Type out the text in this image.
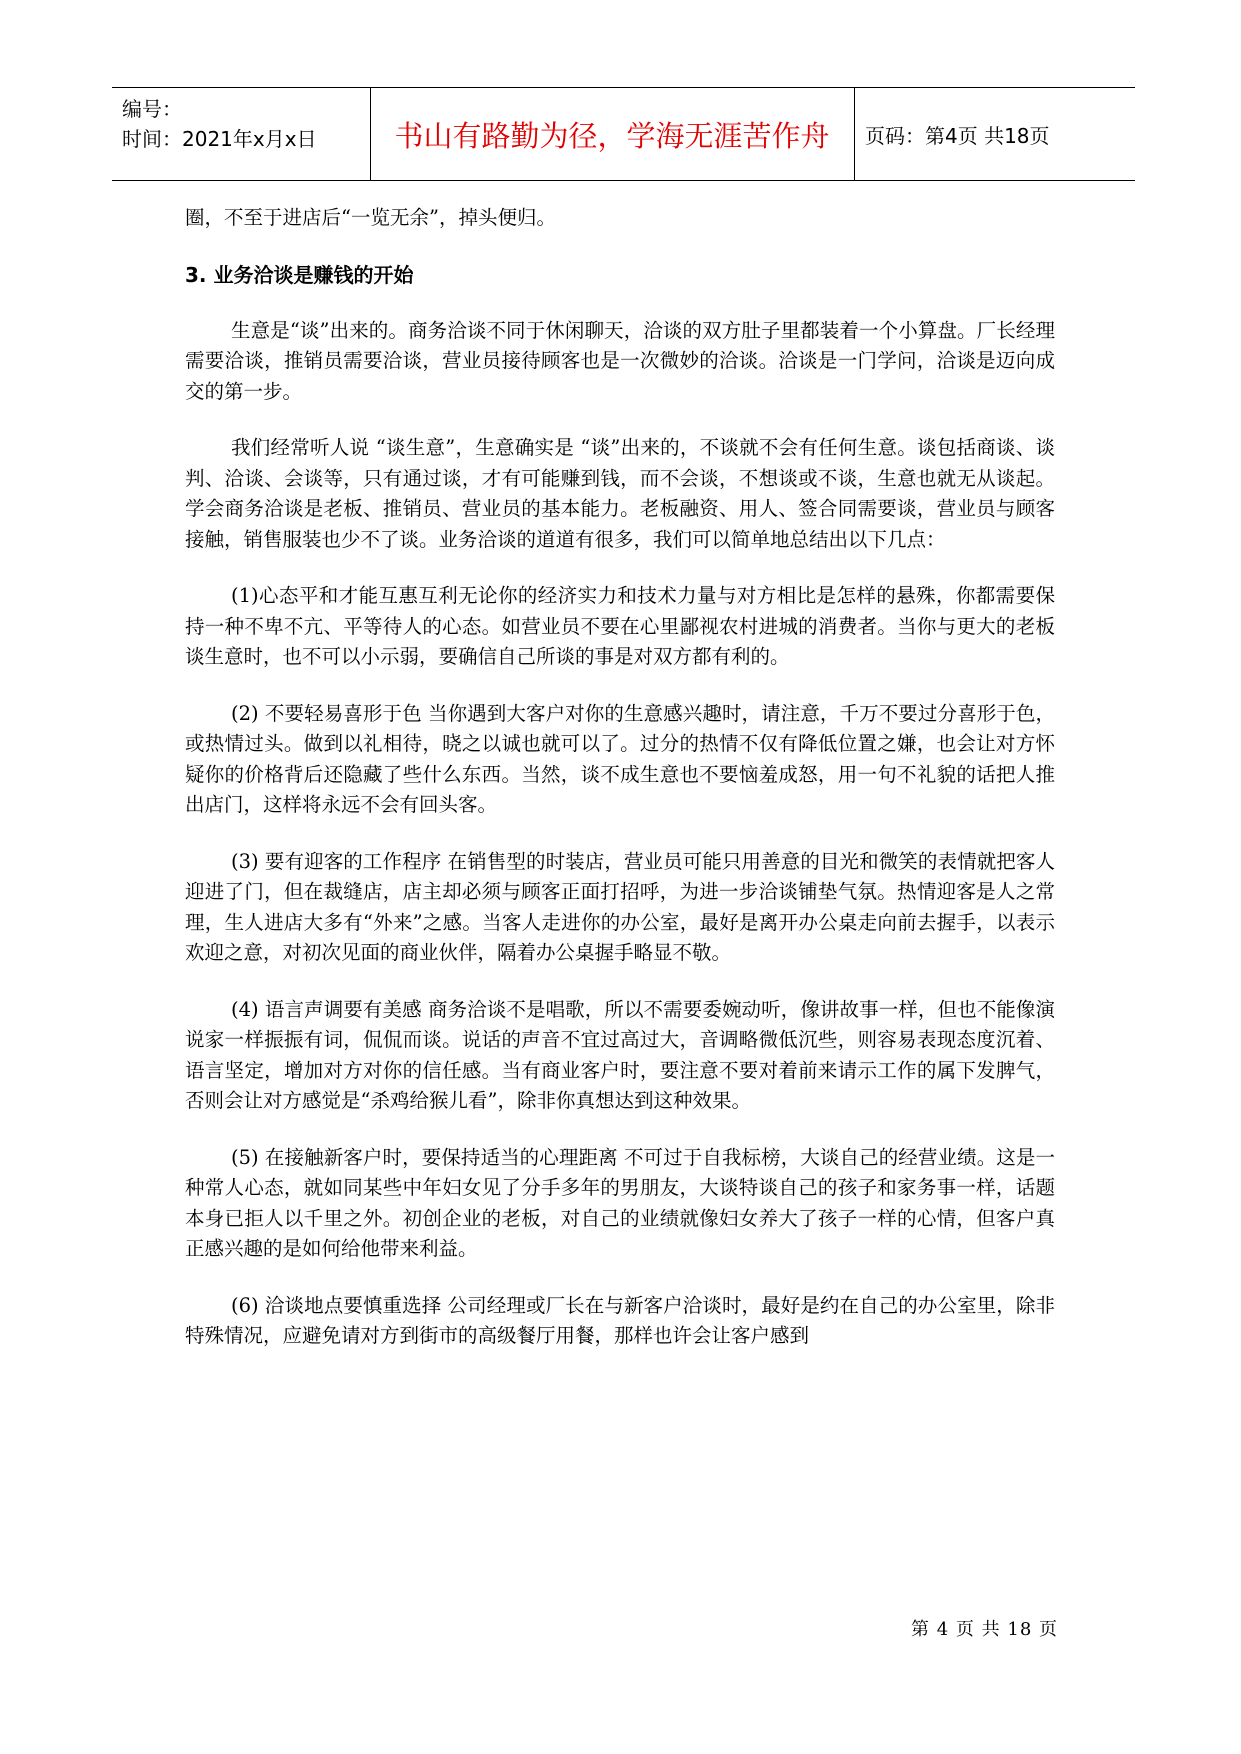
编号：
时间：2021年x月x日	书山有路勤为径，学海无涯苦作舟	页码：第4页 共18页

圈，不至于进店后“一览无余”，掉头便归。

3. 业务洽谈是赚钱的开始

生意是“谈”出来的。商务洽谈不同于休闲聊天，洽谈的双方肚子里都装着一个小算盘。厂长经理需要洽谈，推销员需要洽谈，营业员接待顾客也是一次微妙的洽谈。洽谈是一门学问，洽谈是迈向成交的第一步。

我们经常听人说 “谈生意”，生意确实是 “谈”出来的，不谈就不会有任何生意。谈包括商谈、谈判、洽谈、会谈等，只有通过谈，才有可能赚到钱，而不会谈，不想谈或不谈，生意也就无从谈起。学会商务洽谈是老板、推销员、营业员的基本能力。老板融资、用人、签合同需要谈，营业员与顾客接触，销售服装也少不了谈。业务洽谈的道道有很多，我们可以简单地总结出以下几点：

(1)心态平和才能互惠互利无论你的经济实力和技术力量与对方相比是怎样的悬殊，你都需要保持一种不卑不亢、平等待人的心态。如营业员不要在心里鄙视农村进城的消费者。当你与更大的老板谈生意时，也不可以小示弱，要确信自己所谈的事是对双方都有利的。

(2) 不要轻易喜形于色 当你遇到大客户对你的生意感兴趣时，请注意，千万不要过分喜形于色，或热情过头。做到以礼相待，晓之以诚也就可以了。过分的热情不仅有降低位置之嫌，也会让对方怀疑你的价格背后还隐藏了些什么东西。当然，谈不成生意也不要恼羞成怒，用一句不礼貌的话把人推出店门，这样将永远不会有回头客。

(3) 要有迎客的工作程序 在销售型的时装店，营业员可能只用善意的目光和微笑的表情就把客人迎进了门，但在裁缝店，店主却必须与顾客正面打招呼，为进一步洽谈铺垫气氛。热情迎客是人之常理，生人进店大多有“外来”之感。当客人走进你的办公室，最好是离开办公桌走向前去握手，以表示欢迎之意，对初次见面的商业伙伴，隔着办公桌握手略显不敬。

(4) 语言声调要有美感 商务洽谈不是唱歌，所以不需要委婉动听，像讲故事一样，但也不能像演说家一样振振有词，侃侃而谈。说话的声音不宜过高过大，音调略微低沉些，则容易表现态度沉着、语言坚定，增加对方对你的信任感。当有商业客户时，要注意不要对着前来请示工作的属下发脾气，否则会让对方感觉是“杀鸡给猴儿看”，除非你真想达到这种效果。

(5) 在接触新客户时，要保持适当的心理距离 不可过于自我标榜，大谈自己的经营业绩。这是一种常人心态，就如同某些中年妇女见了分手多年的男朋友，大谈特谈自己的孩子和家务事一样，话题本身已拒人以千里之外。初创企业的老板，对自己的业绩就像妇女养大了孩子一样的心情，但客户真正感兴趣的是如何给他带来利益。

(6) 洽谈地点要慎重选择 公司经理或厂长在与新客户洽谈时，最好是约在自己的办公室里，除非特殊情况，应避免请对方到街市的高级餐厅用餐，那样也许会让客户感到

第 4 页 共 18 页
